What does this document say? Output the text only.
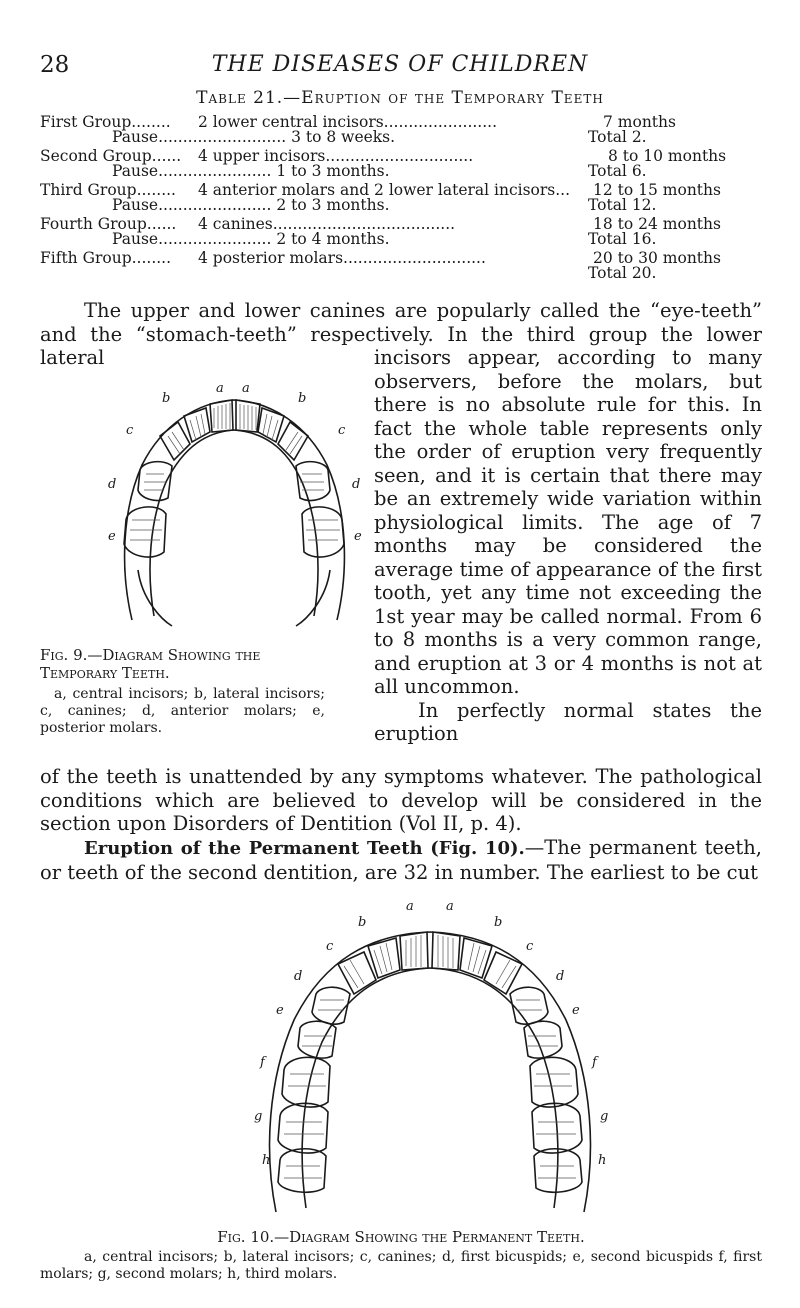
28	THE DISEASES OF CHILDREN
Table 21.—Eruption of the Temporary Teeth
First Group........ 2 lower central incisors.......................	7 months
Pause.......................... 3 to 8 weeks.	Total 2.
Second Group...... 4 upper incisors..............................	8 to 10 months
Pause....................... 1 to 3 months.	Total 6.
Third Group........ 4 anterior molars and 2 lower lateral incisors... 12 to 15 months
Pause....................... 2 to 3 months.	Total 12.
Fourth Group...... 4 canines.....................................	18 to 24 months
Pause....................... 2 to 4 months.	Total 16.
Fifth Group........ 4 posterior molars.............................	20 to 30 months
Total 20.
The upper and lower canines are popularly called the “eye-teeth” and the “stomach-teeth” respectively. In the third group the lower lateral
a a
b	b
c	c
d	d
e	e
Fig. 9.—Diagram Showing the Temporary Teeth.
a, central incisors; b, lateral incisors; c, canines; d, anterior molars; e, posterior molars.
incisors appear, according to many observers, before the molars, but there is no absolute rule for this. In fact the whole table represents only the order of eruption very frequently seen, and it is certain that there may be an extremely wide variation within physiological limits. The age of 7 months may be considered the average time of appearance of the first tooth, yet any time not exceeding the 1st year may be called normal. From 6 to 8 months is a very common range, and eruption at 3 or 4 months is not at all uncommon.
In perfectly normal states the eruption
of the teeth is unattended by any symptoms whatever. The pathological conditions which are believed to develop will be considered in the section upon Disorders of Dentition (Vol II, p. 4).
Eruption of the Permanent Teeth (Fig. 10).—The permanent teeth, or teeth of the second dentition, are 32 in number. The earliest to be cut
a a
b	b
c	c
d	d
e	e
f	f
g	g
h	h
Fig. 10.—Diagram Showing the Permanent Teeth.
a, central incisors; b, lateral incisors; c, canines; d, first bicuspids; e, second bicuspids f, first molars; g, second molars; h, third molars.
